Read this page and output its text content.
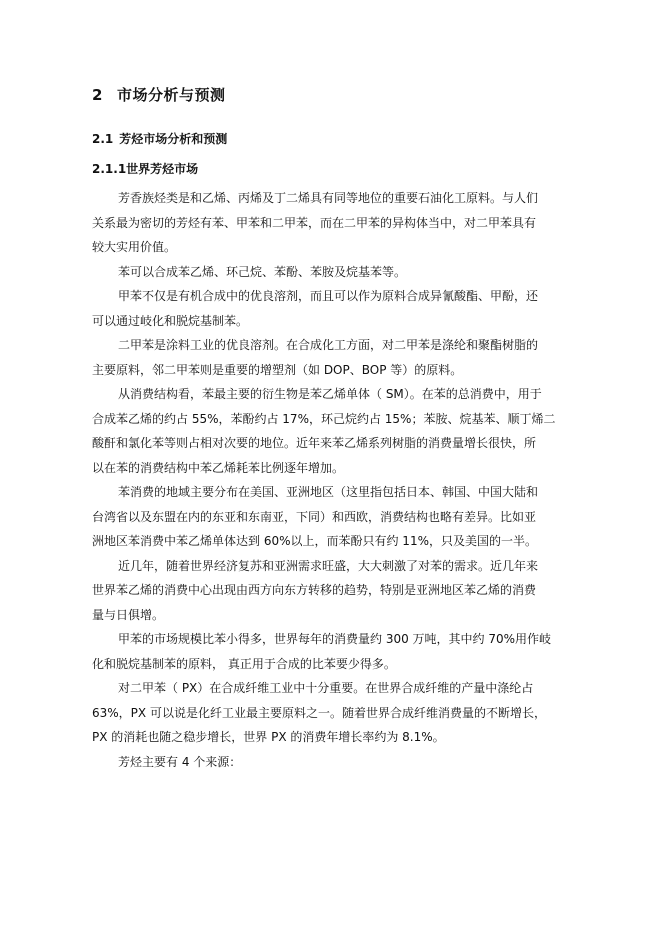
2 市场分析与预测
2.1 芳烃市场分析和预测
2.1.1世界芳烃市场
芳香族烃类是和乙烯、丙烯及丁二烯具有同等地位的重要石油化工原料。与人们
关系最为密切的芳烃有苯、甲苯和二甲苯，而在二甲苯的异构体当中，对二甲苯具有
较大实用价值。
苯可以合成苯乙烯、环己烷、苯酚、苯胺及烷基苯等。
甲苯不仅是有机合成中的优良溶剂，而且可以作为原料合成异氰酸酯、甲酚，还
可以通过岐化和脱烷基制苯。
二甲苯是涂料工业的优良溶剂。在合成化工方面，对二甲苯是涤纶和聚酯树脂的
主要原料，邻二甲苯则是重要的增塑剂（如 DOP、BOP 等）的原料。
从消费结构看，苯最主要的衍生物是苯乙烯单体（ SM）。在苯的总消费中，用于
合成苯乙烯的约占 55%，苯酚约占 17%，环己烷约占 15%；苯胺、烷基苯、顺丁烯二
酸酐和氯化苯等则占相对次要的地位。近年来苯乙烯系列树脂的消费量增长很快，所
以在苯的消费结构中苯乙烯耗苯比例逐年增加。
苯消费的地域主要分布在美国、亚洲地区（这里指包括日本、韩国、中国大陆和
台湾省以及东盟在内的东亚和东南亚，下同）和西欧，消费结构也略有差异。比如亚
洲地区苯消费中苯乙烯单体达到 60%以上，而苯酚只有约 11%，只及美国的一半。
近几年，随着世界经济复苏和亚洲需求旺盛，大大刺激了对苯的需求。近几年来
世界苯乙烯的消费中心出现由西方向东方转移的趋势，特别是亚洲地区苯乙烯的消费
量与日俱增。
甲苯的市场规模比苯小得多，世界每年的消费量约 300 万吨，其中约 70%用作岐
化和脱烷基制苯的原料， 真正用于合成的比苯要少得多。
对二甲苯（ PX）在合成纤维工业中十分重要。在世界合成纤维的产量中涤纶占
63%，PX 可以说是化纤工业最主要原料之一。随着世界合成纤维消费量的不断增长，
PX 的消耗也随之稳步增长，世界 PX 的消费年增长率约为 8.1%。
芳烃主要有 4 个来源：
